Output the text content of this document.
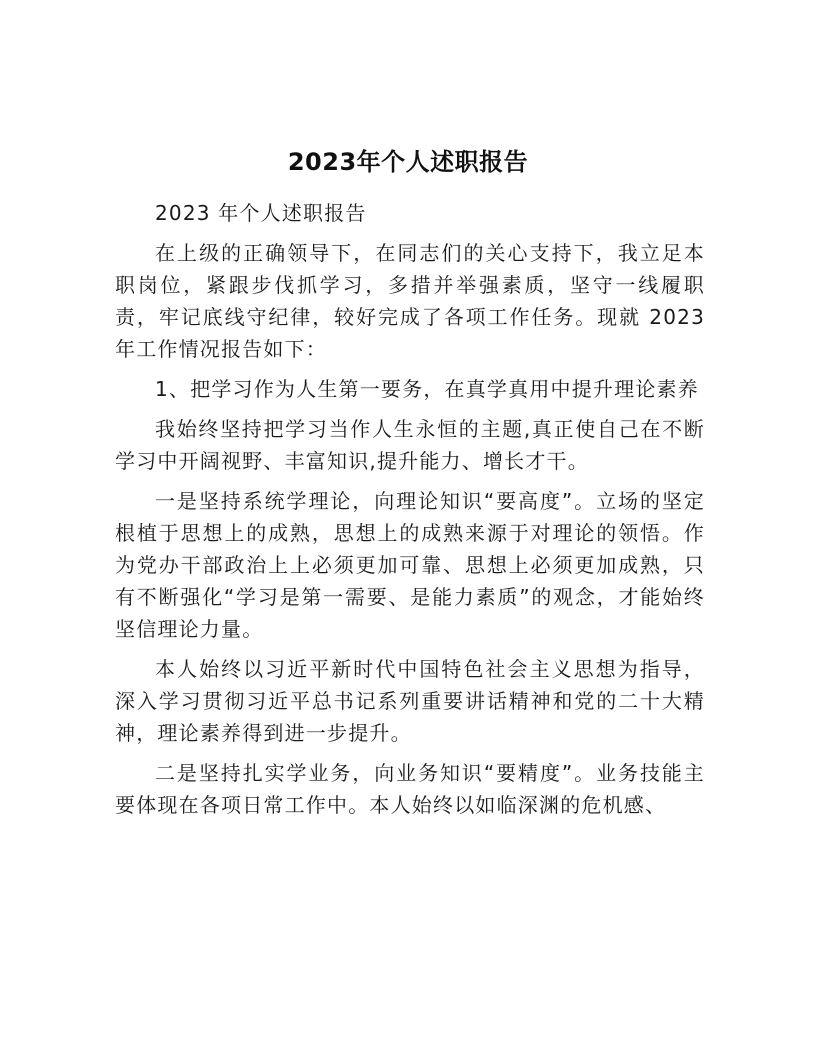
2023年个人述职报告

2023 年个人述职报告

在上级的正确领导下，在同志们的关心支持下，我立足本职岗位，紧跟步伐抓学习，多措并举强素质，坚守一线履职责，牢记底线守纪律，较好完成了各项工作任务。现就 2023 年工作情况报告如下：

1、把学习作为人生第一要务，在真学真用中提升理论素养

我始终坚持把学习当作人生永恒的主题,真正使自己在不断学习中开阔视野、丰富知识,提升能力、增长才干。

一是坚持系统学理论，向理论知识“要高度”。立场的坚定根植于思想上的成熟，思想上的成熟来源于对理论的领悟。作为党办干部政治上上必须更加可靠、思想上必须更加成熟，只有不断强化“学习是第一需要、是能力素质”的观念，才能始终坚信理论力量。

本人始终以习近平新时代中国特色社会主义思想为指导，深入学习贯彻习近平总书记系列重要讲话精神和党的二十大精神，理论素养得到进一步提升。

二是坚持扎实学业务，向业务知识“要精度”。业务技能主要体现在各项日常工作中。本人始终以如临深渊的危机感、
